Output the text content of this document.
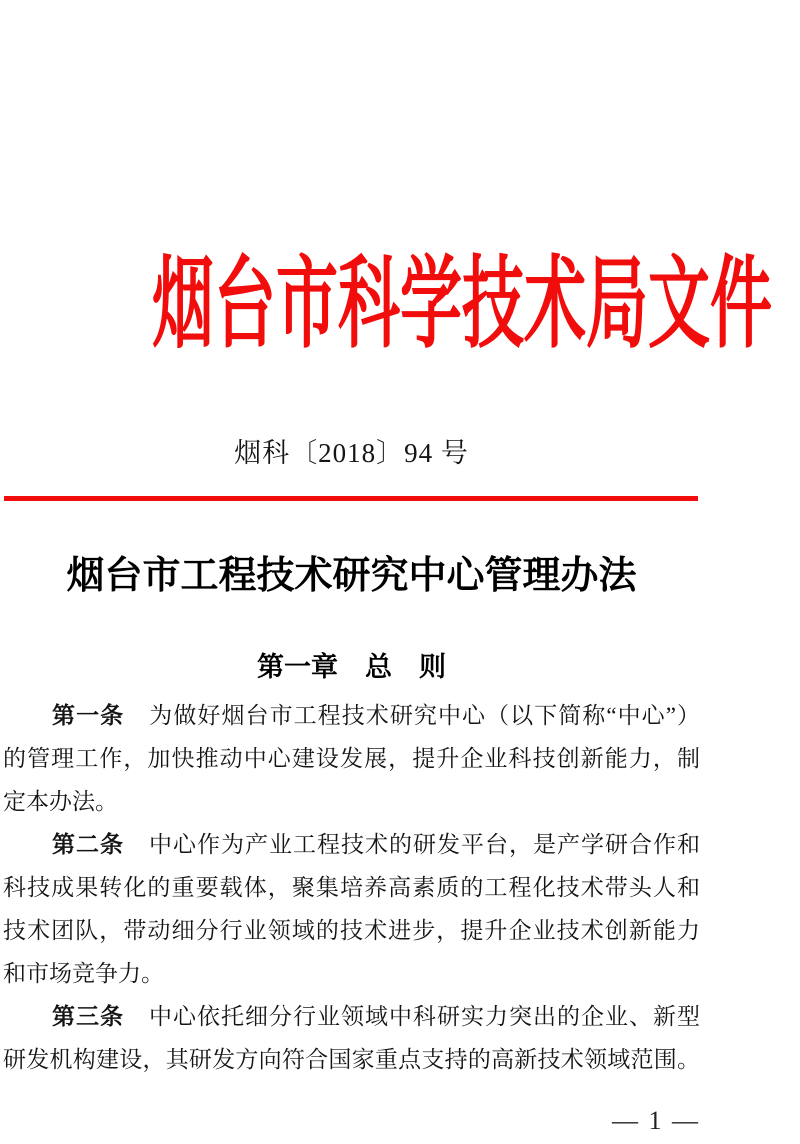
烟台市科学技术局文件
烟科〔2018〕94 号
烟台市工程技术研究中心管理办法
第一章　总　则
第一条 为做好烟台市工程技术研究中心（以下简称“中心”）
的管理工作，加快推动中心建设发展，提升企业科技创新能力，制
定本办法。
第二条 中心作为产业工程技术的研发平台，是产学研合作和
科技成果转化的重要载体，聚集培养高素质的工程化技术带头人和
技术团队，带动细分行业领域的技术进步，提升企业技术创新能力
和市场竞争力。
第三条 中心依托细分行业领域中科研实力突出的企业、新型
研发机构建设，其研发方向符合国家重点支持的高新技术领域范围。
— 1 —
